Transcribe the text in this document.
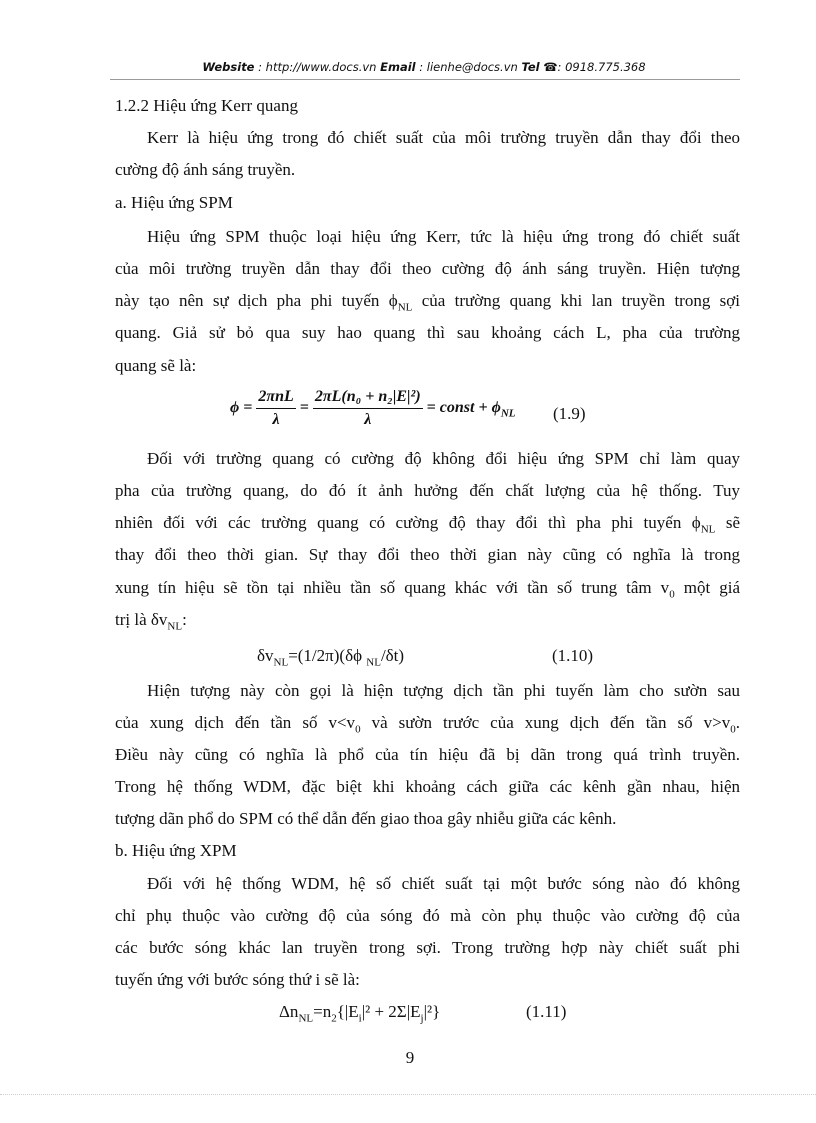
Website : http://www.docs.vn Email : lienhe@docs.vn Tel ☎: 0918.775.368
1.2.2 Hiệu ứng Kerr quang
Kerr là hiệu ứng trong đó chiết suất của môi trường truyền dẫn thay đổi theo
cường độ ánh sáng truyền.
a. Hiệu ứng SPM
Hiệu ứng SPM thuộc loại hiệu ứng Kerr, tức là hiệu ứng trong đó chiết suất
của môi trường truyền dẫn thay đổi theo cường độ ánh sáng truyền. Hiện tượng
này tạo nên sự dịch pha phi tuyến $\phi_{NL}$ của trường quang khi lan truyền trong sợi
quang. Giả sử bỏ qua suy hao quang thì sau khoảng cách L, pha của trường
quang sẽ là:
$\phi = \frac{\text{2πnL}}{\lambda} = \frac{\text{2πL(n₀ + n₂|E|²)}}{\lambda}$ = const + $\phi_{NL}$ (1.9)
Đối với trường quang có cường độ không đổi hiệu ứng SPM chỉ làm quay
pha của trường quang, do đó ít ảnh hưởng đến chất lượng của hệ thống. Tuy
nhiên đối với các trường quang có cường độ thay đổi thì pha phi tuyến $\phi_{NL}$ sẽ
thay đổi theo thời gian. Sự thay đổi theo thời gian này cũng có nghĩa là trong
xung tín hiệu sẽ tồn tại nhiều tần số quang khác với tần số trung tâm $v_0$ một giá
trị là $\delta v_{NL}$:
$\delta v_{NL}=(1/2\pi)(\delta\phi$ $_{NL}$/δt)	(1.10)
Hiện tượng này còn gọi là hiện tượng dịch tần phi tuyến làm cho sườn sau
của xung dịch đến tần số $v<v_0$ và sườn trước của xung dịch đến tần số $v>v_0$.
Điều này cũng có nghĩa là phổ của tín hiệu đã bị dãn trong quá trình truyền.
Trong hệ thống WDM, đặc biệt khi khoảng cách giữa các kênh gần nhau, hiện
tượng dãn phổ do SPM có thể dẫn đến giao thoa gây nhiễu giữa các kênh.
b. Hiệu ứng XPM
Đối với hệ thống WDM, hệ số chiết suất tại một bước sóng nào đó không
chỉ phụ thuộc vào cường độ của sóng đó mà còn phụ thuộc vào cường độ của
các bước sóng khác lan truyền trong sợi. Trong trường hợp này chiết suất phi
tuyến ứng với bước sóng thứ i sẽ là:
$\Delta n_{NL}=n_2\{|E_i|^2 + 2\Sigma|E_j|^2\}$	(1.11)
9
